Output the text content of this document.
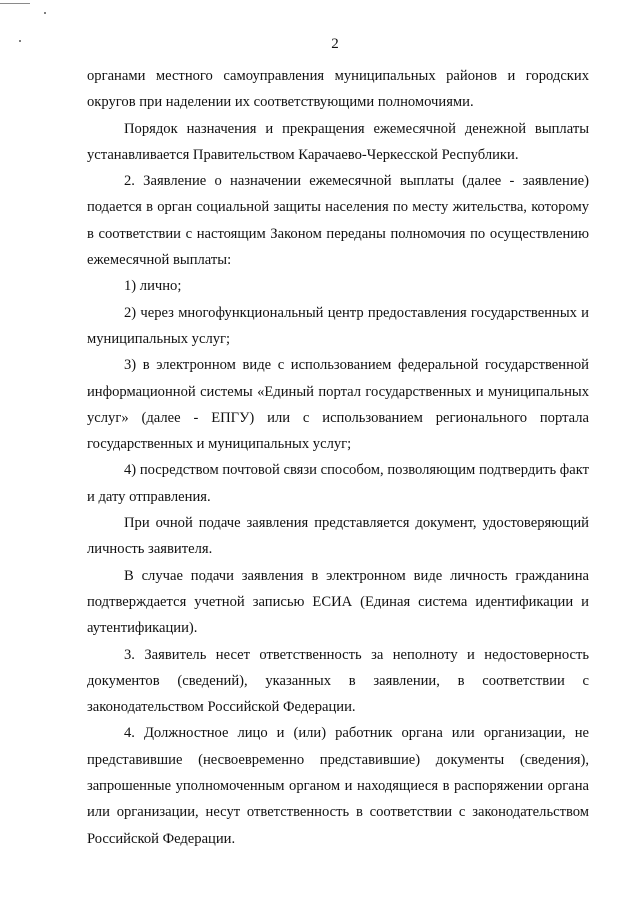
2

органами местного самоуправления муниципальных районов и городских округов при наделении их соответствующими полномочиями.

Порядок назначения и прекращения ежемесячной денежной выплаты устанавливается Правительством Карачаево-Черкесской Республики.

2. Заявление о назначении ежемесячной выплаты (далее - заявление) подается в орган социальной защиты населения по месту жительства, которому в соответствии с настоящим Законом переданы полномочия по осуществлению ежемесячной выплаты:

1) лично;

2) через многофункциональный центр предоставления государственных и муниципальных услуг;

3) в электронном виде с использованием федеральной государственной информационной системы «Единый портал государственных и муниципальных услуг» (далее - ЕПГУ) или с использованием регионального портала государственных и муниципальных услуг;

4) посредством почтовой связи способом, позволяющим подтвердить факт и дату отправления.

При очной подаче заявления представляется документ, удостоверяющий личность заявителя.

В случае подачи заявления в электронном виде личность гражданина подтверждается учетной записью ЕСИА (Единая система идентификации и аутентификации).

3. Заявитель несет ответственность за неполноту и недостоверность документов (сведений), указанных в заявлении, в соответствии с законодательством Российской Федерации.

4. Должностное лицо и (или) работник органа или организации, не представившие (несвоевременно представившие) документы (сведения), запрошенные уполномоченным органом и находящиеся в распоряжении органа или организации, несут ответственность в соответствии с законодательством Российской Федерации.
